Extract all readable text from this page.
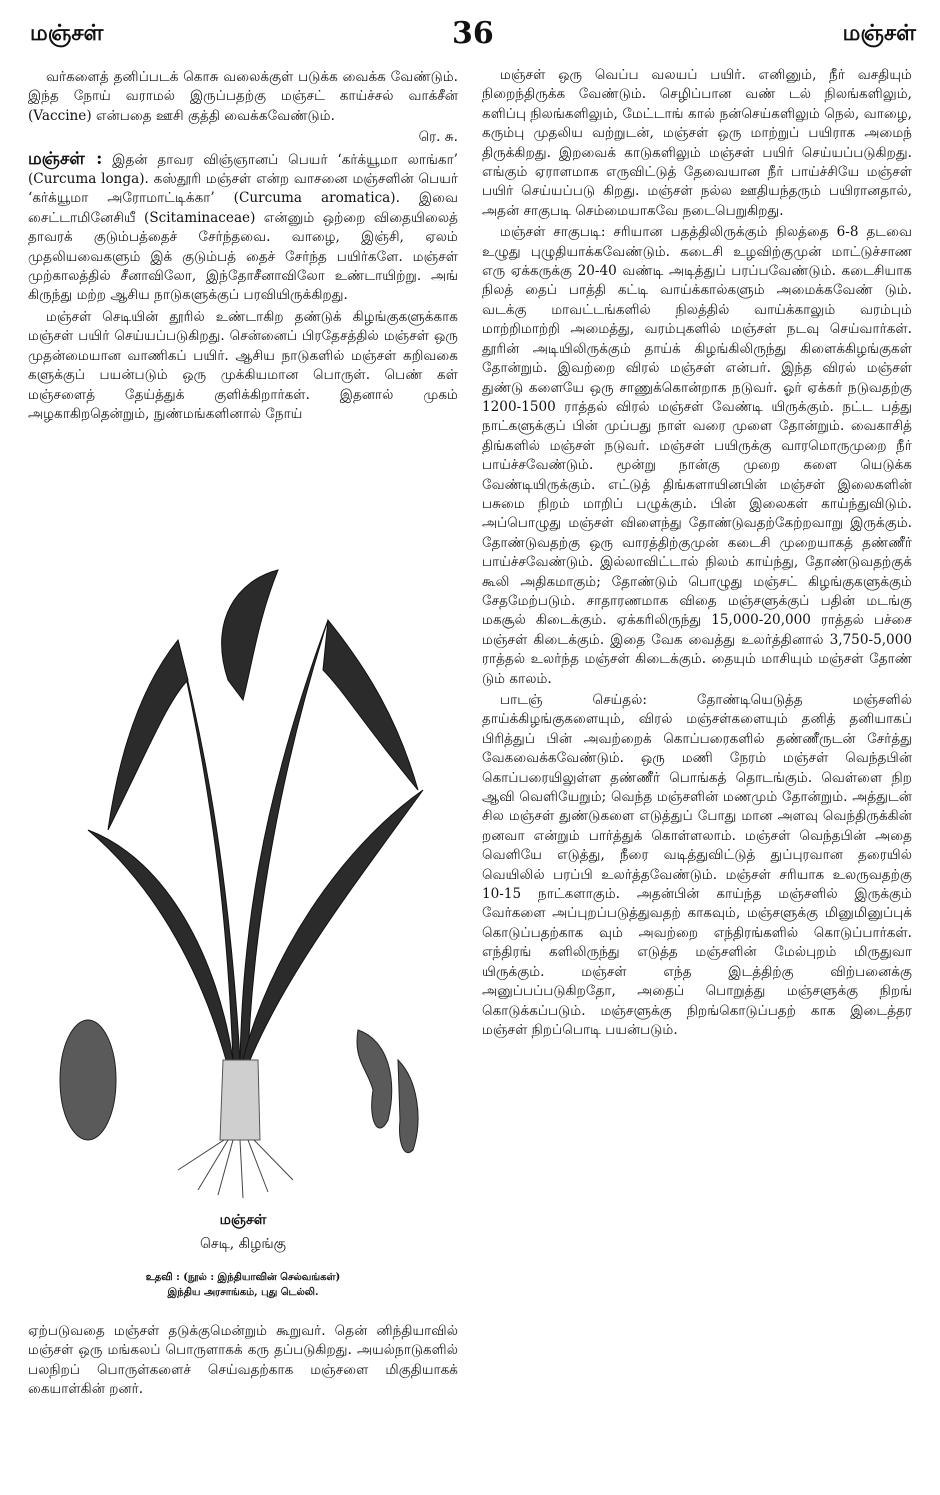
மஞ்சள்	36	மஞ்சள்

வர்களைத் தனிப்படக் கொசு வலைக்குள் படுக்க வைக்க வேண்டும். இந்த நோய் வராமல் இருப்பதற்கு மஞ்சட் காய்ச்சல் வாக்சீன் (Vaccine) என்பதை ஊசி குத்தி வைக்கவேண்டும்.

ரெ. சு.

மஞ்சள் : இதன் தாவர விஞ்ஞானப் பெயர் ‘கர்க்யூமா லாங்கா’ (Curcuma longa). கஸ்தூரி மஞ்சள் என்ற வாசனை மஞ்சளின் பெயர் ‘கர்க்யூமா அரோமாட்டிக்கா’ (Curcuma aromatica). இவை சைட்டாமினேசியீ (Scitaminaceae) என்னும் ஒற்றை விதையிலைத் தாவரக் குடும்பத்தைச் சேர்ந்தவை. வாழை, இஞ்சி, ஏலம் முதலியவைகளும் இக் குடும்பத் தைச் சேர்ந்த பயிர்களே. மஞ்சள் முற்காலத்தில் சீனாவிலோ, இந்தோசீனாவிலோ உண்டாயிற்று. அங் கிருந்து மற்ற ஆசிய நாடுகளுக்குப் பரவியிருக்கிறது.

மஞ்சள் செடியின் தூரில் உண்டாகிற தண்டுக் கிழங்குகளுக்காக மஞ்சள் பயிர் செய்யப்படுகிறது. சென்னைப் பிரதேசத்தில் மஞ்சள் ஒரு முதன்மையான வாணிகப் பயிர். ஆசிய நாடுகளில் மஞ்சள் கறிவகை களுக்குப் பயன்படும் ஒரு முக்கியமான பொருள். பெண் கள் மஞ்சளைத் தேய்த்துக் குளிக்கிறார்கள். இதனால் முகம் அழகாகிறதென்றும், நுண்மங்களினால் நோய்

மஞ்சள்
செடி, கிழங்கு
உதவி : (நூல் : இந்தியாவின் செல்வங்கள்)
இந்திய அரசாங்கம், புது டெல்லி.

ஏற்படுவதை மஞ்சள் தடுக்குமென்றும் கூறுவர். தென் னிந்தியாவில் மஞ்சள் ஒரு மங்கலப் பொருளாகக் கரு தப்படுகிறது. அயல்நாடுகளில் பலநிறப் பொருள்களைச் செய்வதற்காக மஞ்சளை மிகுதியாகக் கையாள்கின் றனர்.

மஞ்சள் ஒரு வெப்ப வலயப் பயிர். எனினும், நீர் வசதியும் நிறைந்திருக்க வேண்டும். செழிப்பான வண் டல் நிலங்களிலும், களிப்பு நிலங்களிலும், மேட்டாங் கால் நன்செய்களிலும் நெல், வாழை, கரும்பு முதலிய வற்றுடன், மஞ்சள் ஒரு மாற்றுப் பயிராக அமைந் திருக்கிறது. இறவைக் காடுகளிலும் மஞ்சள் பயிர் செய்யப்படுகிறது. எங்கும் ஏராளமாக எருவிட்டுத் தேவையான நீர் பாய்ச்சியே மஞ்சள் பயிர் செய்யப்படு கிறது. மஞ்சள் நல்ல ஊதியந்தரும் பயிரானதால், அதன் சாகுபடி செம்மையாகவே நடைபெறுகிறது.

மஞ்சள் சாகுபடி: சரியான பதத்திலிருக்கும் நிலத்தை 6-8 தடவை உழுது புழுதியாக்கவேண்டும். கடைசி உழவிற்குமுன் மாட்டுச்சாண எரு ஏக்கருக்கு 20-40 வண்டி அடித்துப் பரப்பவேண்டும். கடைசியாக நிலத் தைப் பாத்தி கட்டி வாய்க்கால்களும் அமைக்கவேண் டும். வடக்கு மாவட்டங்களில் நிலத்தில் வாய்க்காலும் வரம்பும் மாற்றிமாற்றி அமைத்து, வரம்புகளில் மஞ்சள் நடவு செய்வார்கள். தூரின் அடியிலிருக்கும் தாய்க் கிழங்கிலிருந்து கிளைக்கிழங்குகள் தோன்றும். இவற்றை விரல் மஞ்சள் என்பர். இந்த விரல் மஞ்சள் துண்டு களையே ஒரு சாணுக்கொன்றாக நடுவர். ஓர் ஏக்கர் நடுவதற்கு 1200-1500 ராத்தல் விரல் மஞ்சள் வேண்டி யிருக்கும். நட்ட பத்து நாட்களுக்குப் பின் முப்பது நாள் வரை முளை தோன்றும். வைகாசித் திங்களில் மஞ்சள் நடுவர். மஞ்சள் பயிருக்கு வாரமொருமுறை நீர் பாய்ச்சவேண்டும். மூன்று நான்கு முறை களை யெடுக்க வேண்டியிருக்கும். எட்டுத் திங்களாயினபின் மஞ்சள் இலைகளின் பசுமை நிறம் மாறிப் பழுக்கும். பின் இலைகள் காய்ந்துவிடும். அப்பொழுது மஞ்சள் விளைந்து தோண்டுவதற்கேற்றவாறு இருக்கும். தோண்டுவதற்கு ஒரு வாரத்திற்குமுன் கடைசி முறையாகத் தண்ணீர் பாய்ச்சவேண்டும். இல்லாவிட்டால் நிலம் காய்ந்து, தோண்டுவதற்குக் கூலி அதிகமாகும்; தோண்டும் பொழுது மஞ்சட் கிழங்குகளுக்கும் சேதமேற்படும். சாதாரணமாக விதை மஞ்சளுக்குப் பதின் மடங்கு மகசூல் கிடைக்கும். ஏக்கரிலிருந்து 15,000-20,000 ராத்தல் பச்சை மஞ்சள் கிடைக்கும். இதை வேக வைத்து உலர்த்தினால் 3,750-5,000 ராத்தல் உலர்ந்த மஞ்சள் கிடைக்கும். தையும் மாசியும் மஞ்சள் தோண் டும் காலம்.

பாடஞ் செய்தல்: தோண்டியெடுத்த மஞ்சளில் தாய்க்கிழங்குகளையும், விரல் மஞ்சள்களையும் தனித் தனியாகப் பிரித்துப் பின் அவற்றைக் கொப்பரைகளில் தண்ணீருடன் சேர்த்து வேகவைக்கவேண்டும். ஒரு மணி நேரம் மஞ்சள் வெந்தபின் கொப்பரையிலுள்ள தண்ணீர் பொங்கத் தொடங்கும். வெள்ளை நிற ஆவி வெளியேறும்; வெந்த மஞ்சளின் மணமும் தோன்றும். அத்துடன் சில மஞ்சள் துண்டுகளை எடுத்துப் போது மான அளவு வெந்திருக்கின் றனவா என்றும் பார்த்துக் கொள்ளலாம். மஞ்சள் வெந்தபின் அதை வெளியே எடுத்து, நீரை வடித்துவிட்டுத் துப்புரவான தரையில் வெயிலில் பரப்பி உலர்த்தவேண்டும். மஞ்சள் சரியாக உலருவதற்கு 10-15 நாட்களாகும். அதன்பின் காய்ந்த மஞ்சளில் இருக்கும் வேர்களை அப்புறப்படுத்துவதற் காகவும், மஞ்சளுக்கு மினுமினுப்புக் கொடுப்பதற்காக வும் அவற்றை எந்திரங்களில் கொடுப்பார்கள். எந்திரங் களிலிருந்து எடுத்த மஞ்சளின் மேல்புறம் மிருதுவா யிருக்கும். மஞ்சள் எந்த இடத்திற்கு விற்பனைக்கு அனுப்பப்படுகிறதோ, அதைப் பொறுத்து மஞ்சளுக்கு நிறங் கொடுக்கப்படும். மஞ்சளுக்கு நிறங்கொடுப்பதற் காக இடைத்தர மஞ்சள் நிறப்பொடி பயன்படும்.
